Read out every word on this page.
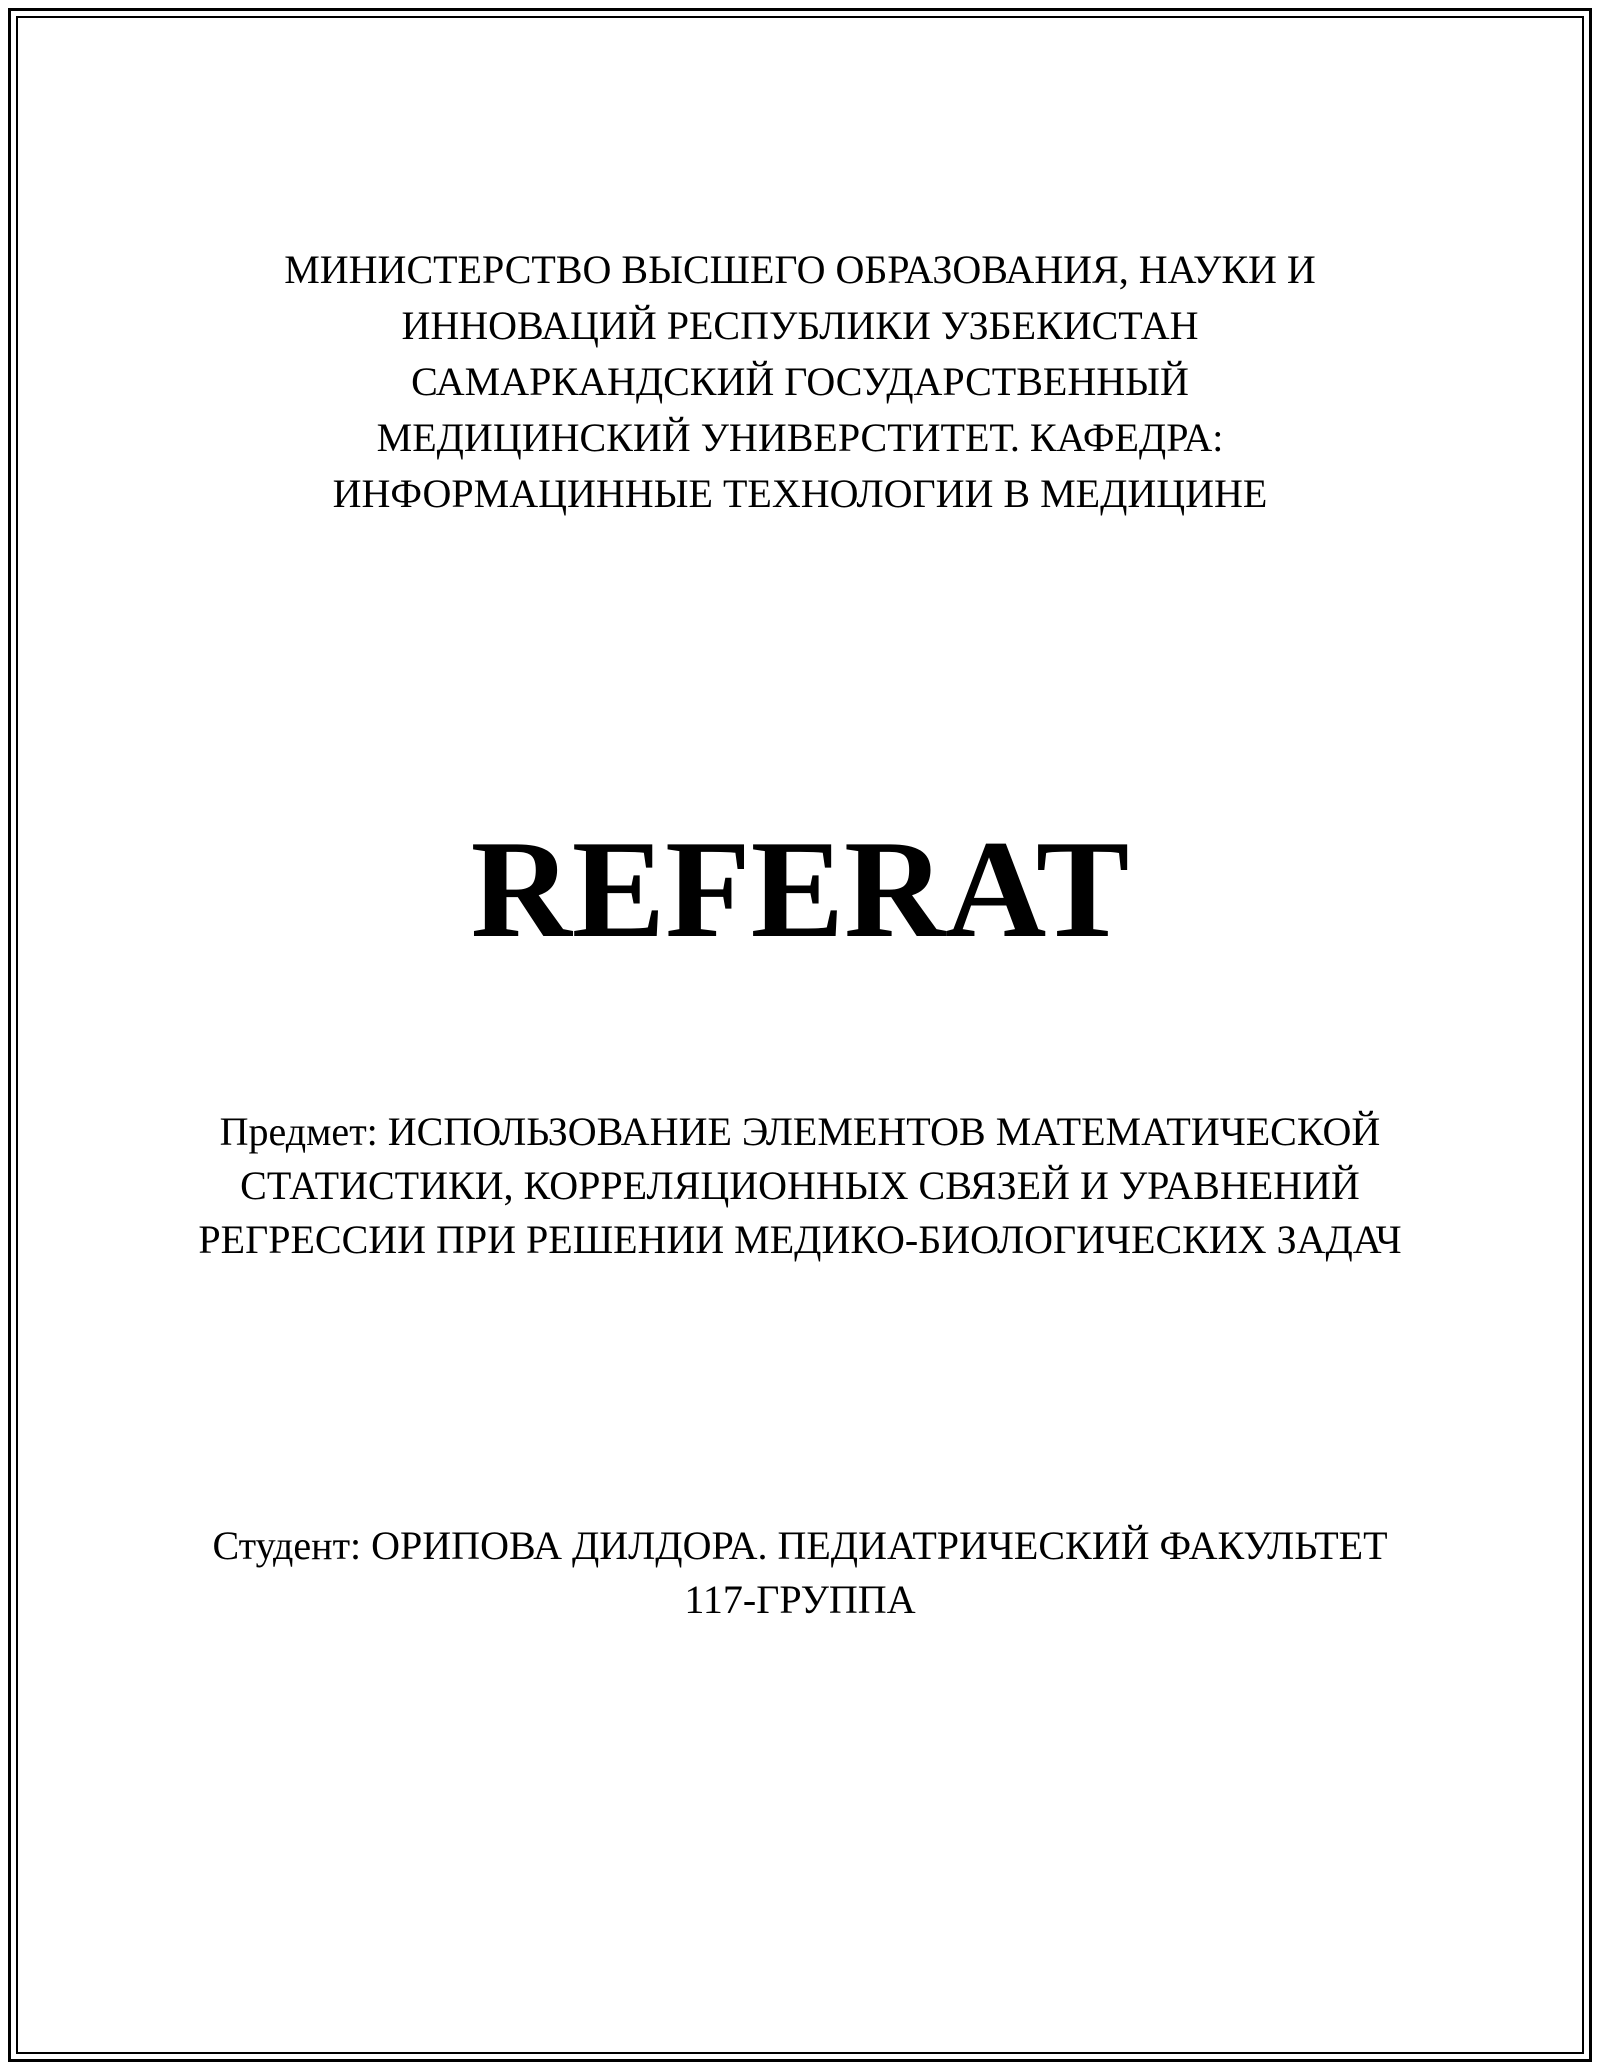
МИНИСТЕРСТВО ВЫСШЕГО ОБРАЗОВАНИЯ, НАУКИ И
ИННОВАЦИЙ РЕСПУБЛИКИ УЗБЕКИСТАН
САМАРКАНДСКИЙ ГОСУДАРСТВЕННЫЙ
МЕДИЦИНСКИЙ УНИВЕРСТИТЕТ. КАФЕДРА:
ИНФОРМАЦИННЫЕ ТЕХНОЛОГИИ В МЕДИЦИНЕ
REFERAT
Предмет: ИСПОЛЬЗОВАНИЕ ЭЛЕМЕНТОВ МАТЕМАТИЧЕСКОЙ
СТАТИСТИКИ, КОРРЕЛЯЦИОННЫХ СВЯЗЕЙ И УРАВНЕНИЙ
РЕГРЕССИИ ПРИ РЕШЕНИИ МЕДИКО-БИОЛОГИЧЕСКИХ ЗАДАЧ
Студент: ОРИПОВА ДИЛДОРА. ПЕДИАТРИЧЕСКИЙ ФАКУЛЬТЕТ
117-ГРУППА
